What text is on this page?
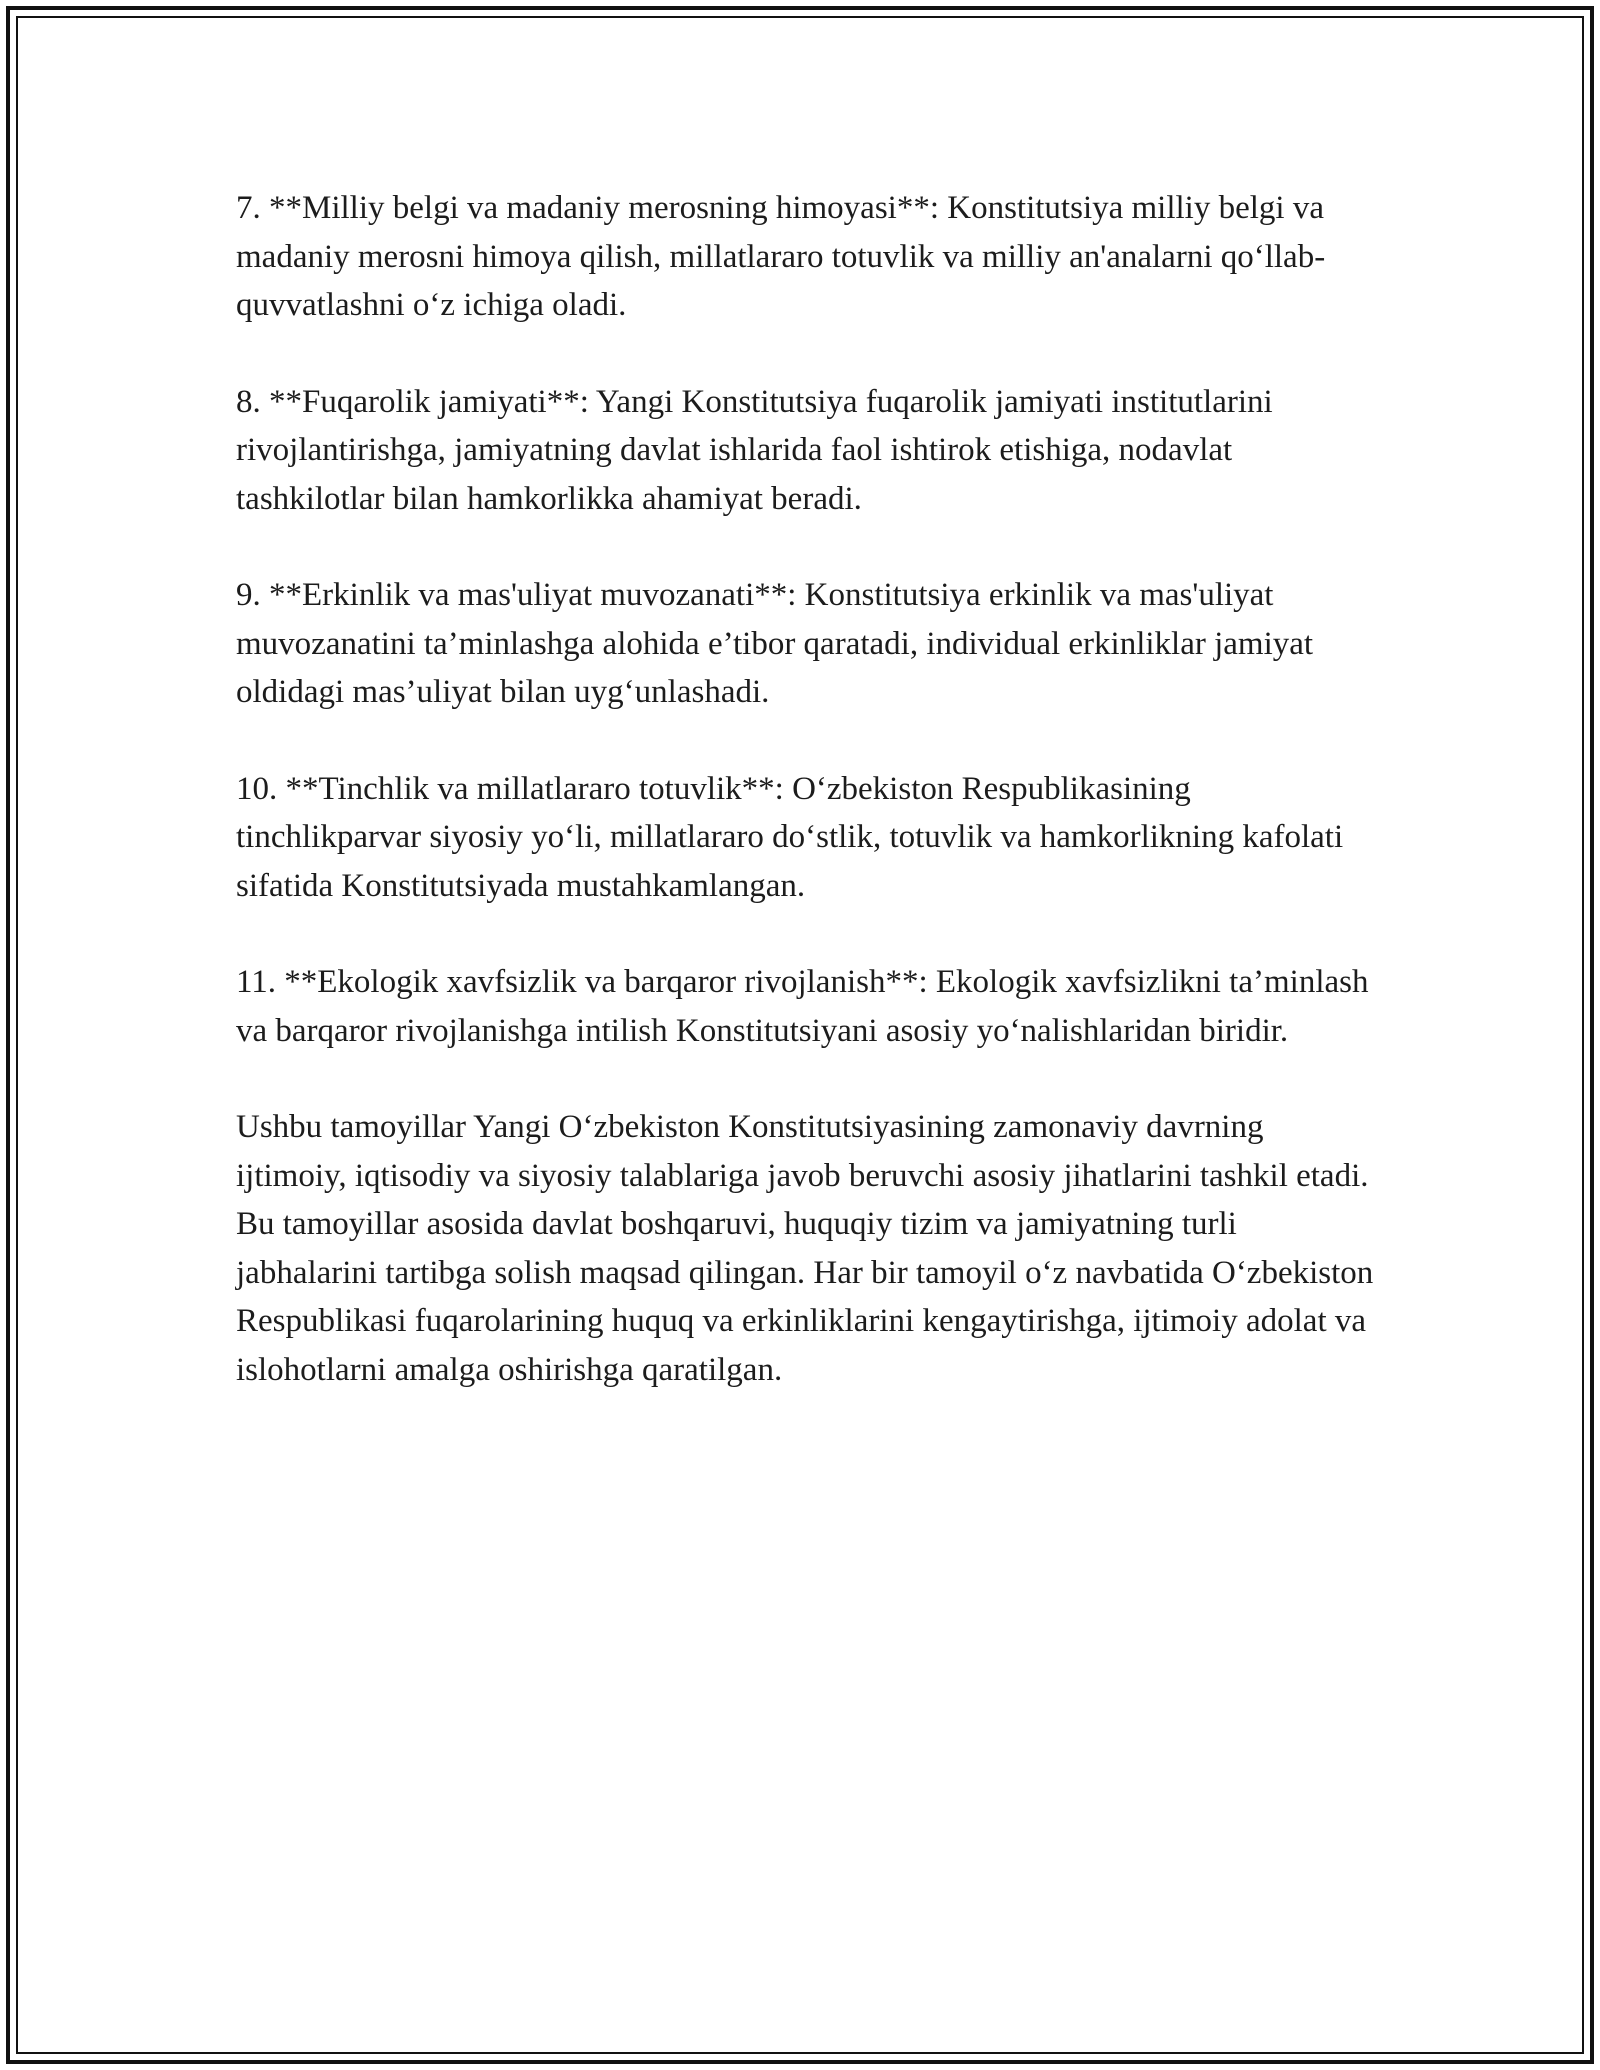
7. **Milliy belgi va madaniy merosning himoyasi**: Konstitutsiya milliy belgi va madaniy merosni himoya qilish, millatlararo totuvlik va milliy an'analarni qo‘llab-quvvatlashni o‘z ichiga oladi.

8. **Fuqarolik jamiyati**: Yangi Konstitutsiya fuqarolik jamiyati institutlarini rivojlantirishga, jamiyatning davlat ishlarida faol ishtirok etishiga, nodavlat tashkilotlar bilan hamkorlikka ahamiyat beradi.

9. **Erkinlik va mas'uliyat muvozanati**: Konstitutsiya erkinlik va mas'uliyat muvozanatini ta’minlashga alohida e’tibor qaratadi, individual erkinliklar jamiyat oldidagi mas’uliyat bilan uyg‘unlashadi.

10. **Tinchlik va millatlararo totuvlik**: O‘zbekiston Respublikasining tinchlikparvar siyosiy yo‘li, millatlararo do‘stlik, totuvlik va hamkorlikning kafolati sifatida Konstitutsiyada mustahkamlangan.

11. **Ekologik xavfsizlik va barqaror rivojlanish**: Ekologik xavfsizlikni ta’minlash va barqaror rivojlanishga intilish Konstitutsiyani asosiy yo‘nalishlaridan biridir.

Ushbu tamoyillar Yangi O‘zbekiston Konstitutsiyasining zamonaviy davrning ijtimoiy, iqtisodiy va siyosiy talablariga javob beruvchi asosiy jihatlarini tashkil etadi. Bu tamoyillar asosida davlat boshqaruvi, huquqiy tizim va jamiyatning turli jabhalarini tartibga solish maqsad qilingan. Har bir tamoyil o‘z navbatida O‘zbekiston Respublikasi fuqarolarining huquq va erkinliklarini kengaytirishga, ijtimoiy adolat va islohotlarni amalga oshirishga qaratilgan.
